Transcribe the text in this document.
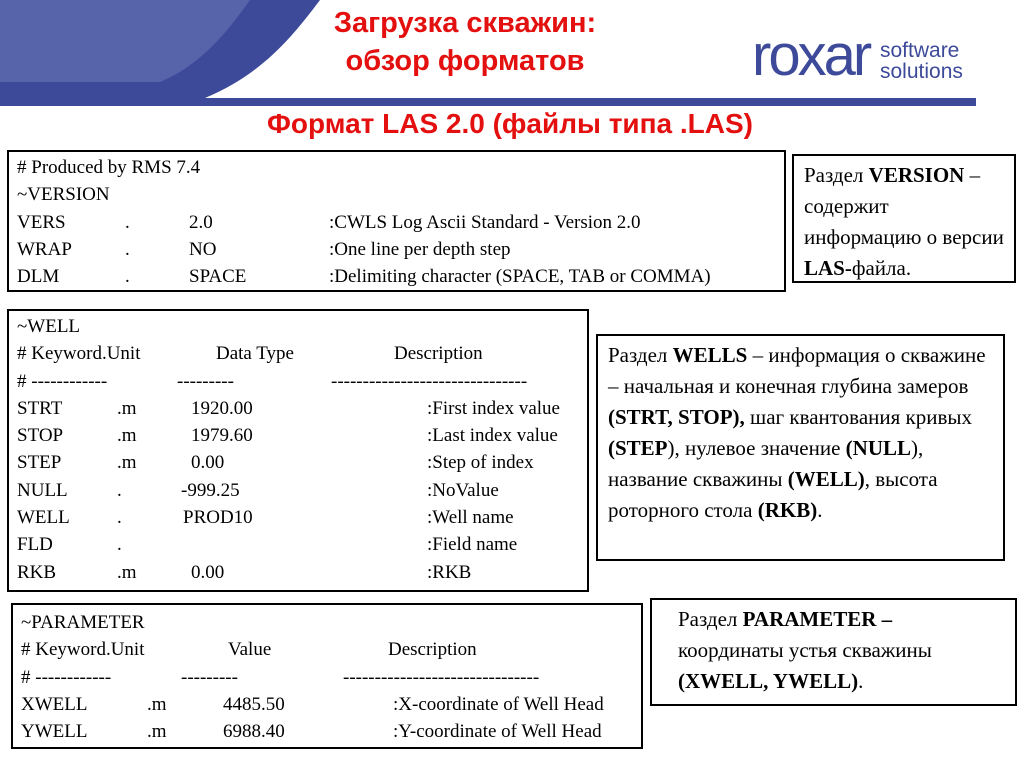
Загрузка скважин:
обзор форматов	roxar software
solutions
Формат LAS 2.0 (файлы типа .LAS)
# Produced by RMS 7.4
~VERSION
VERS	.	2.0	:CWLS Log Ascii Standard - Version 2.0
WRAP	.	NO	:One line per depth step
DLM	.	SPACE	:Delimiting character (SPACE, TAB or COMMA)
Раздел VERSION – содержит информацию о версии LAS-файла.
~WELL
# Keyword.Unit	Data Type	Description
# ------------	---------	-------------------------------
STRT	.m	1920.00	:First index value
STOP	.m	1979.60	:Last index value
STEP	.m	0.00	:Step of index
NULL	.	-999.25	:NoValue
WELL .	PROD10	:Well name
FLD	.	:Field name
RKB	.m	0.00	:RKB
Раздел WELLS – информация о скважине – начальная и конечная глубина замеров (STRT, STOP), шаг квантования кривых (STEP), нулевое значение (NULL), название скважины (WELL), высота роторного стола (RKB).
~PARAMETER
# Keyword.Unit	Value	Description
# ------------	---------	-------------------------------
XWELL	.m	4485.50	:X-coordinate of Well Head
YWELL	.m	6988.40	:Y-coordinate of Well Head
Раздел PARAMETER – координаты устья скважины (XWELL, YWELL).
